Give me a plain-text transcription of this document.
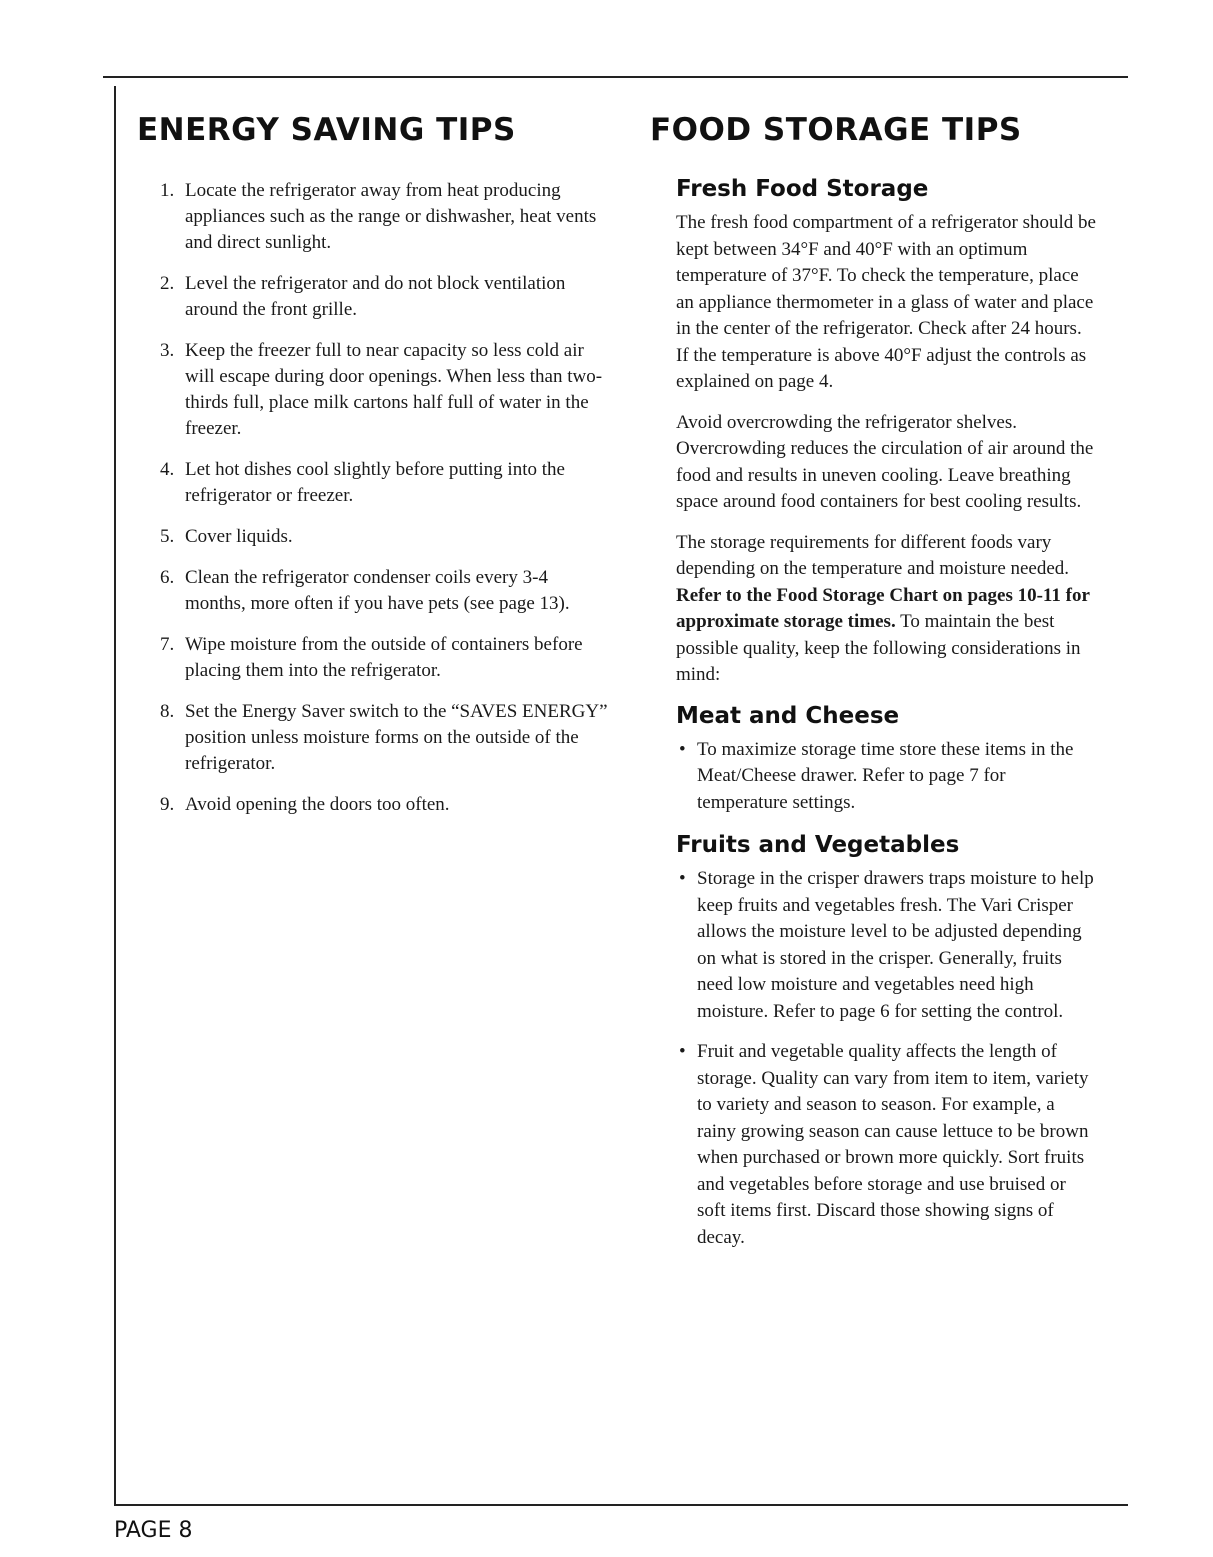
ENERGY SAVING TIPS	FOOD STORAGE TIPS
1. Locate the refrigerator away from heat producing appliances such as the range or dishwasher, heat vents and direct sunlight.
2. Level the refrigerator and do not block ventilation around the front grille.
3. Keep the freezer full to near capacity so less cold air will escape during door openings. When less than two-thirds full, place milk cartons half full of water in the freezer.
4. Let hot dishes cool slightly before putting into the refrigerator or freezer.
5. Cover liquids.
6. Clean the refrigerator condenser coils every 3-4 months, more often if you have pets (see page 13).
7. Wipe moisture from the outside of containers before placing them into the refrigerator.
8. Set the Energy Saver switch to the “SAVES ENERGY” position unless moisture forms on the outside of the refrigerator.
9. Avoid opening the doors too often.
Fresh Food Storage

The fresh food compartment of a refrigerator should be kept between 34°F and 40°F with an optimum temperature of 37°F. To check the temperature, place an appliance thermometer in a glass of water and place in the center of the refrigerator. Check after 24 hours. If the temperature is above 40°F adjust the controls as explained on page 4.

Avoid overcrowding the refrigerator shelves. Overcrowding reduces the circulation of air around the food and results in uneven cooling. Leave breathing space around food containers for best cooling results.

The storage requirements for different foods vary depending on the temperature and moisture needed. Refer to the Food Storage Chart on pages 10-11 for approximate storage times. To maintain the best possible quality, keep the following considerations in mind:

Meat and Cheese
• To maximize storage time store these items in the Meat/Cheese drawer. Refer to page 7 for temperature settings.
Fruits and Vegetables
• Storage in the crisper drawers traps moisture to help keep fruits and vegetables fresh. The Vari Crisper allows the moisture level to be adjusted depending on what is stored in the crisper. Generally, fruits need low moisture and vegetables need high moisture. Refer to page 6 for setting the control.
• Fruit and vegetable quality affects the length of storage. Quality can vary from item to item, variety to variety and season to season. For example, a rainy growing season can cause lettuce to be brown when purchased or brown more quickly. Sort fruits and vegetables before storage and use bruised or soft items first. Discard those showing signs of decay.

PAGE 8
